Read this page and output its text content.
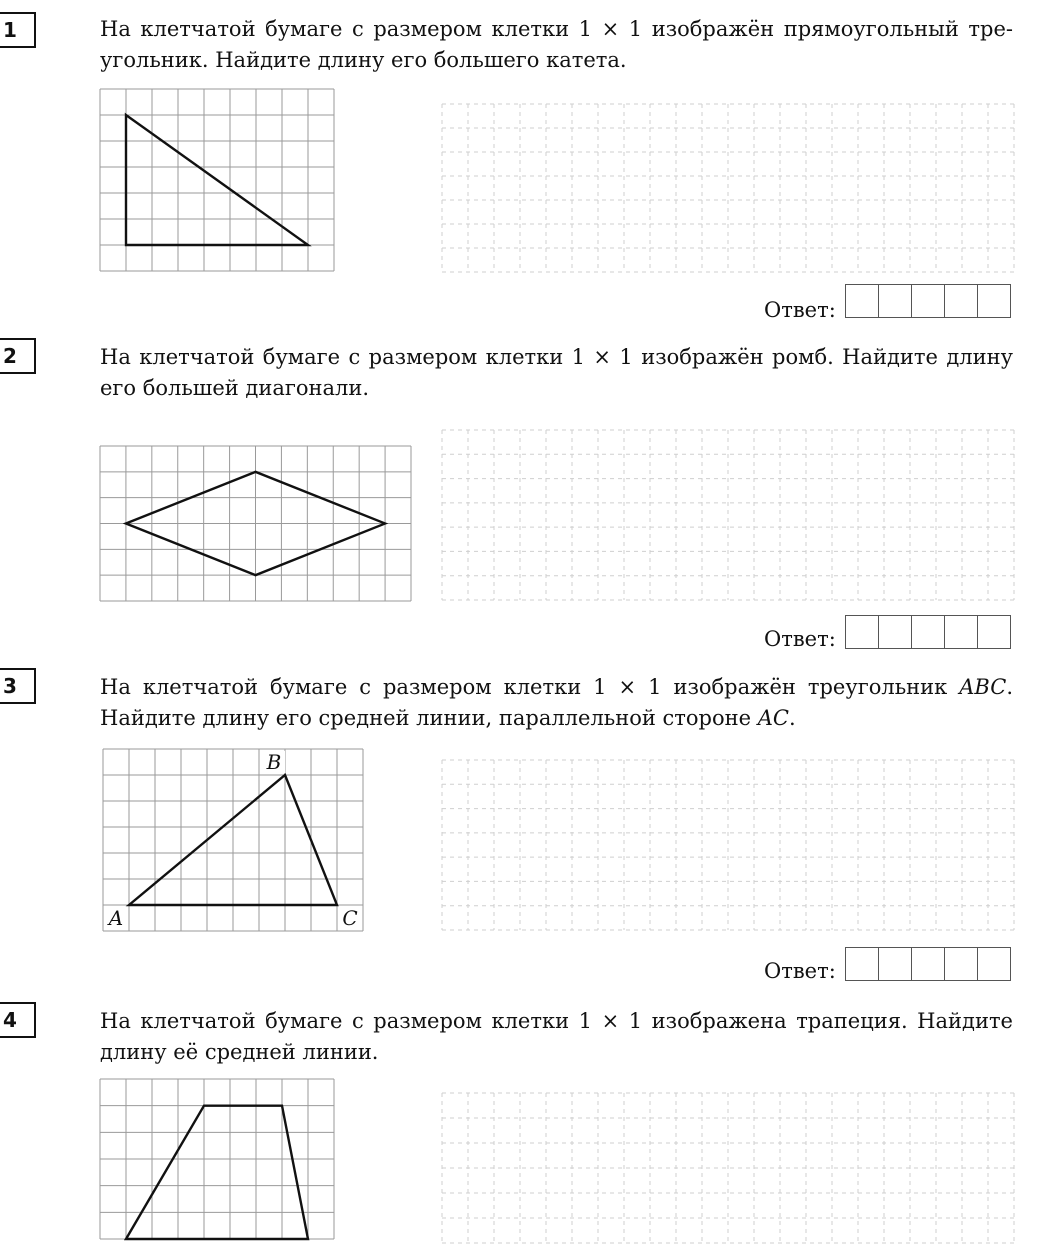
1	На клетчатой бумаге с размером клетки 1 × 1 изображён прямоугольный тре-
угольник. Найдите длину его большего катета.
Ответ:
2	На клетчатой бумаге с размером клетки 1 × 1 изображён ромб. Найдите длину
его большей диагонали.
Ответ:
3	На клетчатой бумаге с размером клетки 1 × 1 изображён треугольник ABC.
Найдите длину его средней линии, параллельной стороне AC.
A
B
C
Ответ:
4	На клетчатой бумаге с размером клетки 1 × 1 изображена трапеция. Найдите
длину её средней линии.
